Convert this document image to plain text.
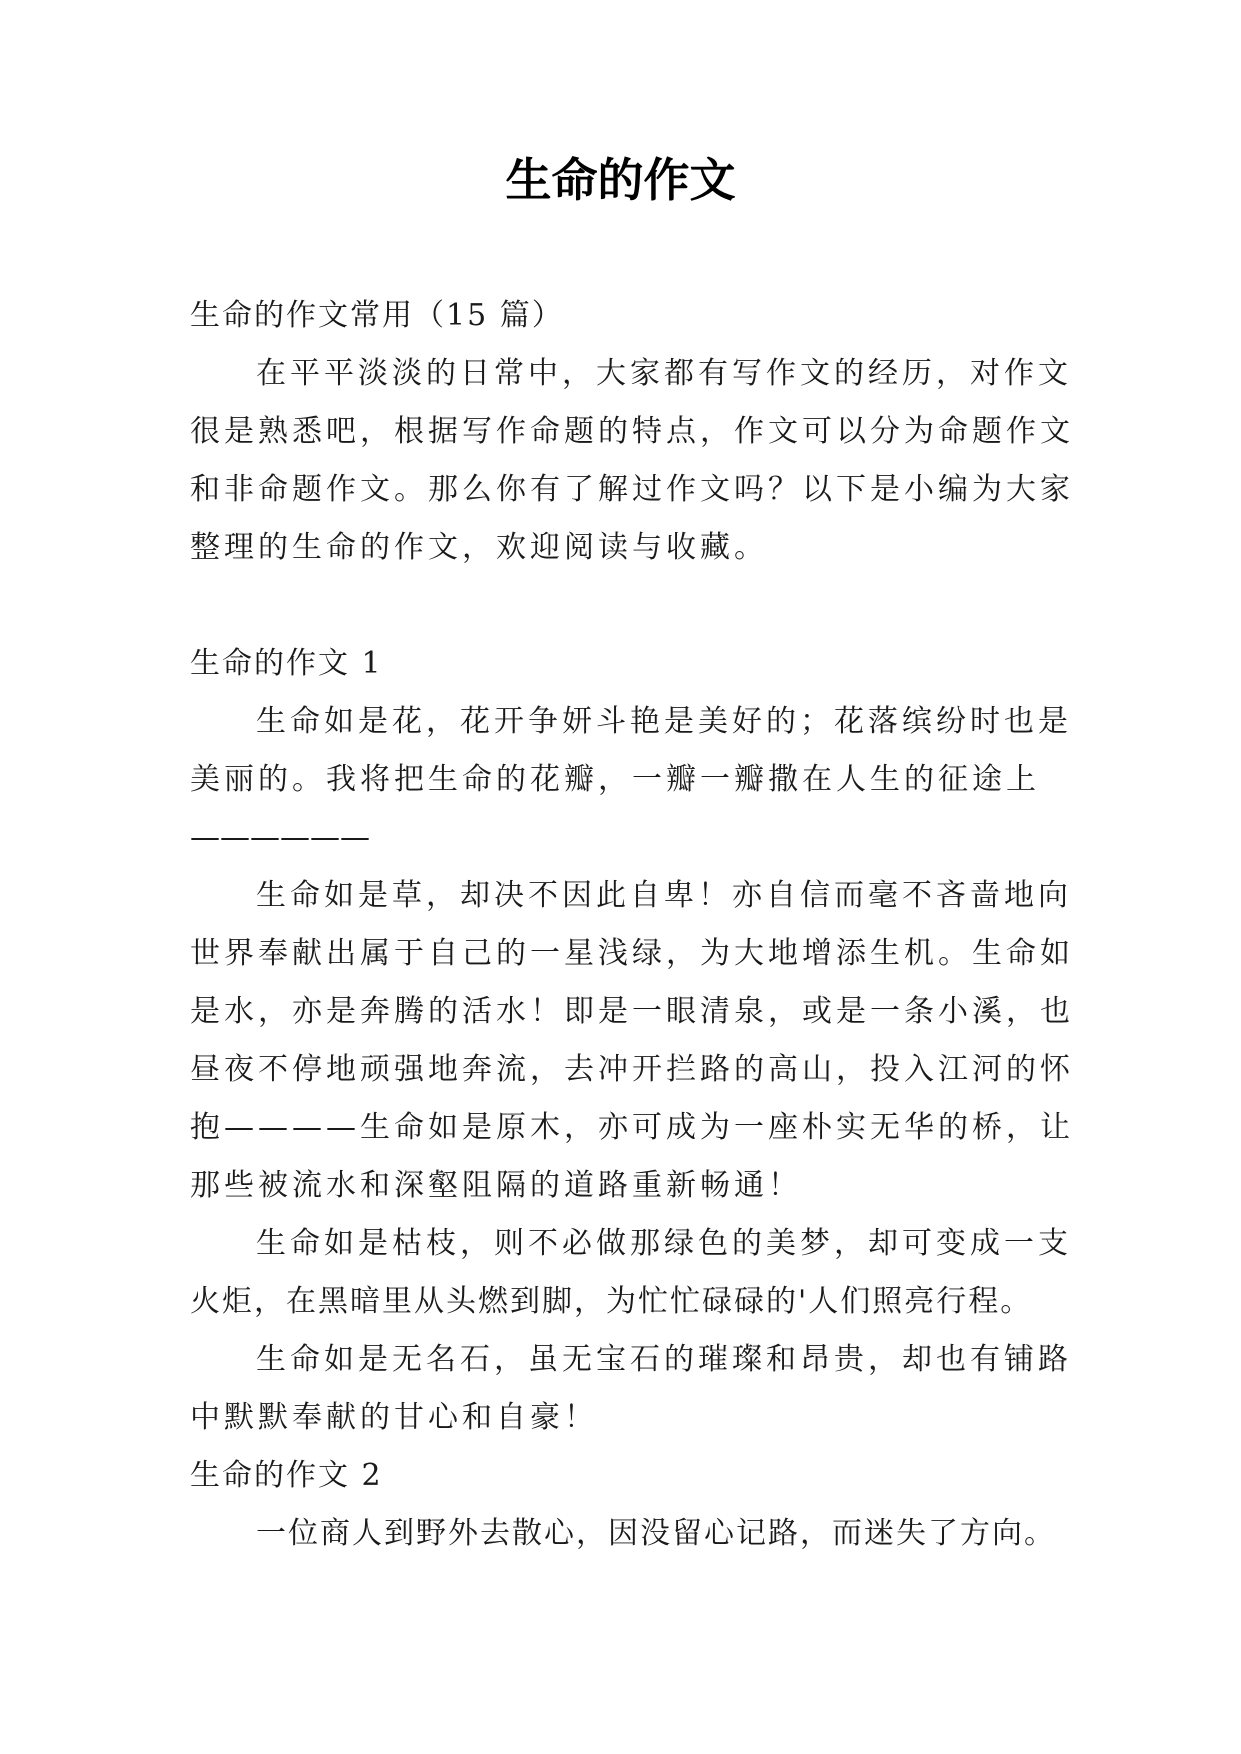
生命的作文
生命的作文常用（15 篇）
在平平淡淡的日常中，大家都有写作文的经历，对作文
很是熟悉吧，根据写作命题的特点，作文可以分为命题作文
和非命题作文。那么你有了解过作文吗？以下是小编为大家
整理的生命的作文，欢迎阅读与收藏。
生命的作文 1
生命如是花，花开争妍斗艳是美好的；花落缤纷时也是
美丽的。我将把生命的花瓣，一瓣一瓣撒在人生的征途上
——————
生命如是草，却决不因此自卑！亦自信而毫不吝啬地向
世界奉献出属于自己的一星浅绿，为大地增添生机。生命如
是水，亦是奔腾的活水！即是一眼清泉，或是一条小溪，也
昼夜不停地顽强地奔流，去冲开拦路的高山，投入江河的怀
抱————生命如是原木，亦可成为一座朴实无华的桥，让
那些被流水和深壑阻隔的道路重新畅通！
生命如是枯枝，则不必做那绿色的美梦，却可变成一支
火炬，在黑暗里从头燃到脚，为忙忙碌碌的'人们照亮行程。
生命如是无名石，虽无宝石的璀璨和昂贵，却也有铺路
中默默奉献的甘心和自豪！
生命的作文 2
一位商人到野外去散心，因没留心记路，而迷失了方向。
